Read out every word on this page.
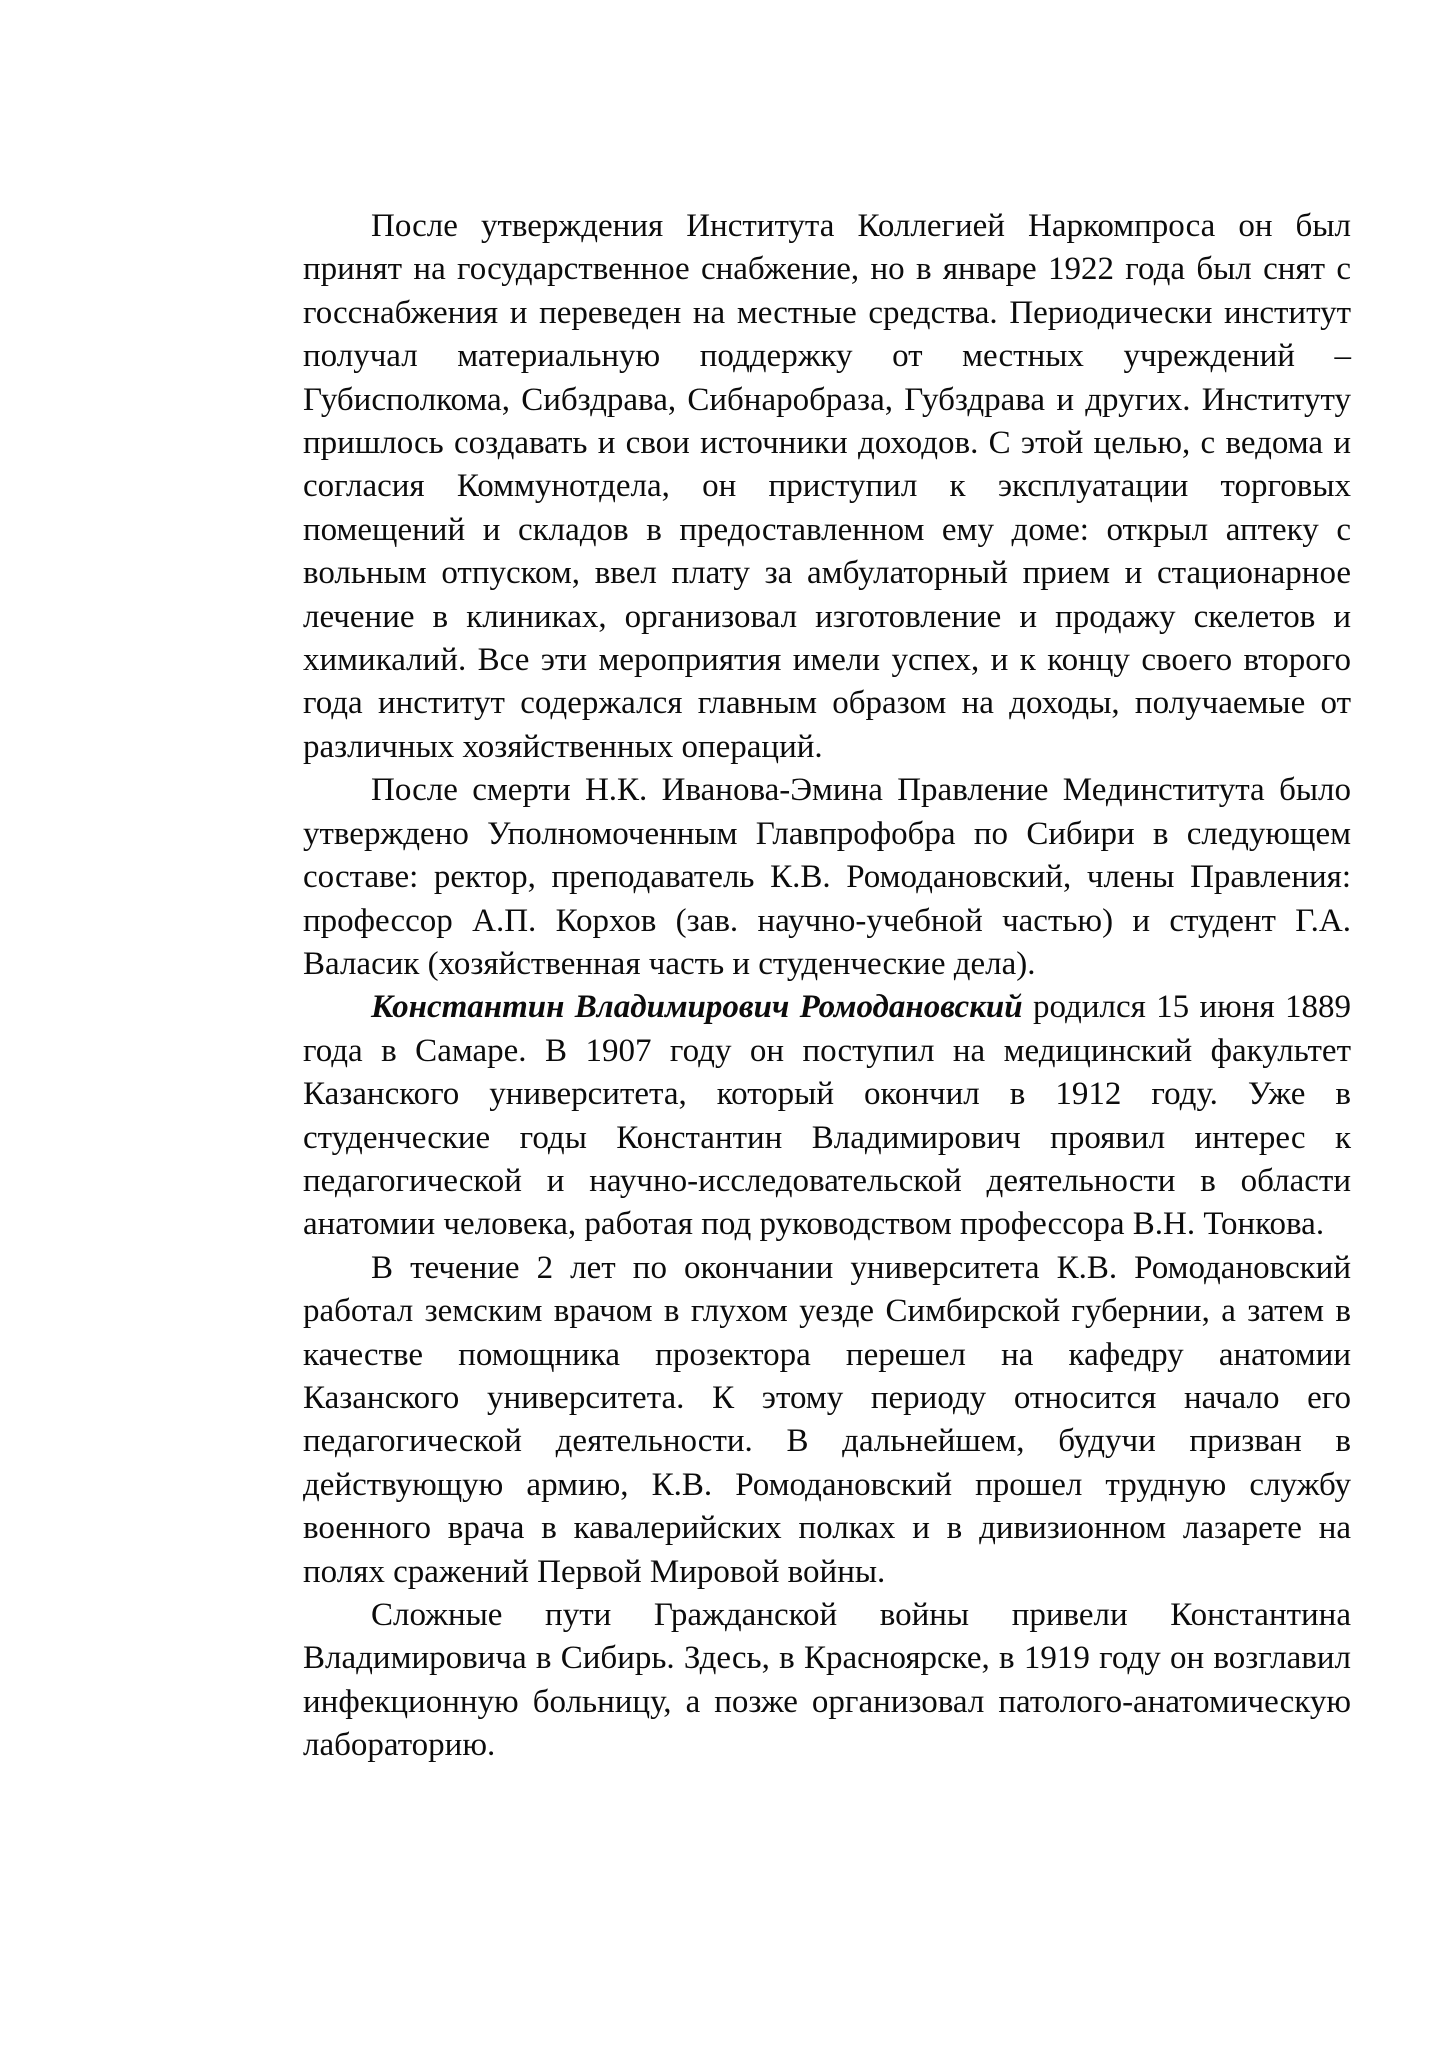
После утверждения Института Коллегией Наркомпроса он был принят на государственное снабжение, но в январе 1922 года был снят с госснабжения и переведен на местные средства. Периодически институт получал материальную поддержку от местных учреждений – Губисполкома, Сибздрава, Сибнаробраза, Губздрава и других. Институту пришлось создавать и свои источники доходов. С этой целью, с ведома и согласия Коммунотдела, он приступил к эксплуатации торговых помещений и складов в предоставленном ему доме: открыл аптеку с вольным отпуском, ввел плату за амбулаторный прием и стационарное лечение в клиниках, организовал изготовление и продажу скелетов и химикалий. Все эти мероприятия имели успех, и к концу своего второго года институт содержался главным образом на доходы, получаемые от различных хозяйственных операций.

После смерти Н.К. Иванова-Эмина Правление Мединститута было утверждено Уполномоченным Главпрофобра по Сибири в следующем составе: ректор, преподаватель К.В. Ромодановский, члены Правления: профессор А.П. Корхов (зав. научно-учебной частью) и студент Г.А. Валасик (хозяйственная часть и студенческие дела).

Константин Владимирович Ромодановский родился 15 июня 1889 года в Самаре. В 1907 году он поступил на медицинский факультет Казанского университета, который окончил в 1912 году. Уже в студенческие годы Константин Владимирович проявил интерес к педагогической и научно-исследовательской деятельности в области анатомии человека, работая под руководством профессора В.Н. Тонкова.

В течение 2 лет по окончании университета К.В. Ромодановский работал земским врачом в глухом уезде Симбирской губернии, а затем в качестве помощника прозектора перешел на кафедру анатомии Казанского университета. К этому периоду относится начало его педагогической деятельности. В дальнейшем, будучи призван в действующую армию, К.В. Ромодановский прошел трудную службу военного врача в кавалерийских полках и в дивизионном лазарете на полях сражений Первой Мировой войны.

Сложные пути Гражданской войны привели Константина Владимировича в Сибирь. Здесь, в Красноярске, в 1919 году он возглавил инфекционную больницу, а позже организовал патолого-анатомическую лабораторию.
